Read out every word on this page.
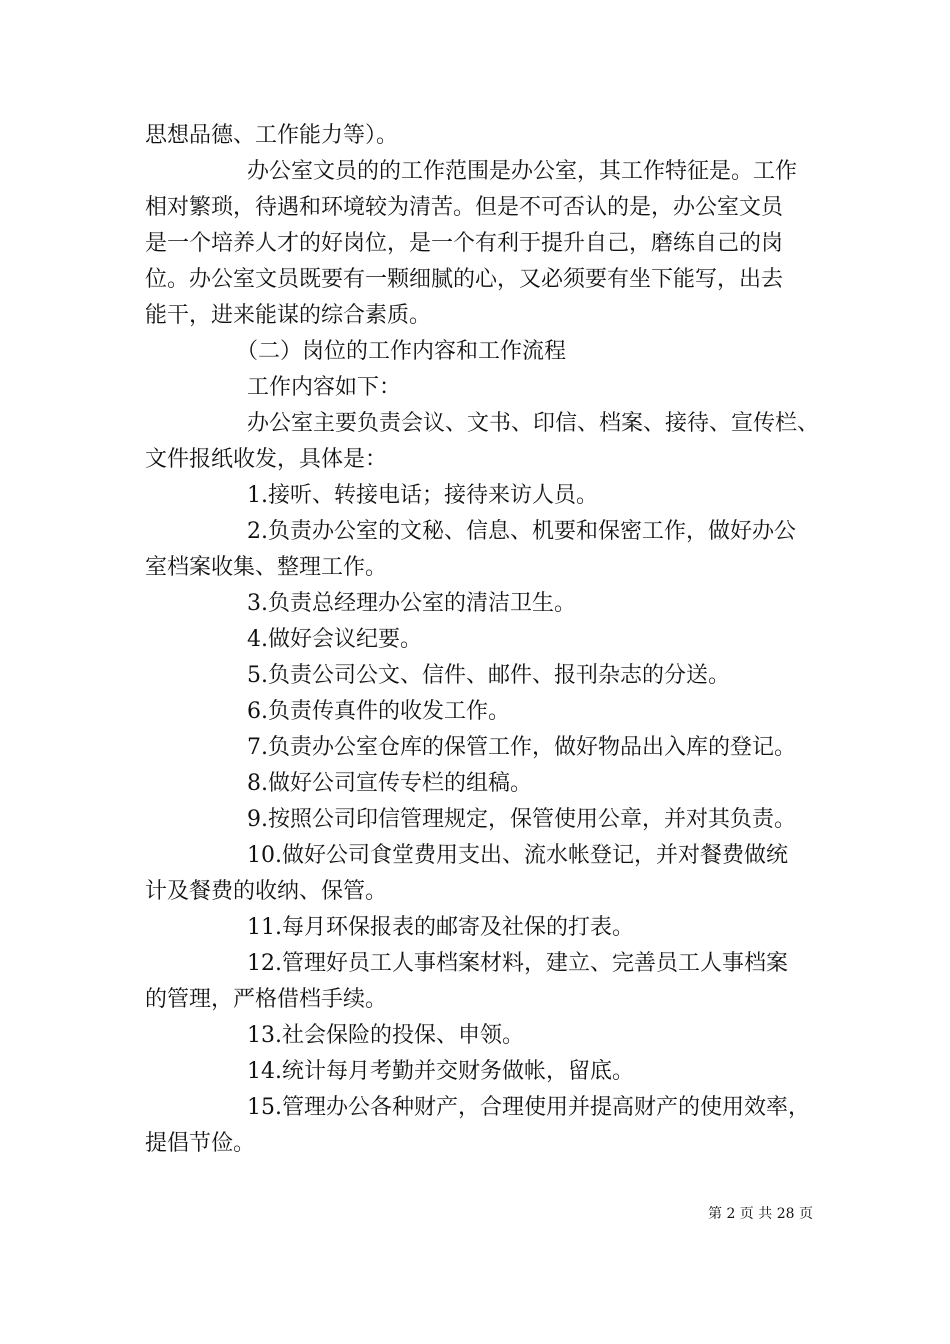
思想品德、工作能力等）。
办公室文员的的工作范围是办公室，其工作特征是。工作
相对繁琐，待遇和环境较为清苦。但是不可否认的是，办公室文员
是一个培养人才的好岗位，是一个有利于提升自己，磨练自己的岗
位。办公室文员既要有一颗细腻的心，又必须要有坐下能写，出去
能干，进来能谋的综合素质。
（二）岗位的工作内容和工作流程
工作内容如下：
办公室主要负责会议、文书、印信、档案、接待、宣传栏、
文件报纸收发，具体是：
1.接听、转接电话；接待来访人员。
2.负责办公室的文秘、信息、机要和保密工作，做好办公
室档案收集、整理工作。
3.负责总经理办公室的清洁卫生。
4.做好会议纪要。
5.负责公司公文、信件、邮件、报刊杂志的分送。
6.负责传真件的收发工作。
7.负责办公室仓库的保管工作，做好物品出入库的登记。
8.做好公司宣传专栏的组稿。
9.按照公司印信管理规定，保管使用公章，并对其负责。
10.做好公司食堂费用支出、流水帐登记，并对餐费做统
计及餐费的收纳、保管。
11.每月环保报表的邮寄及社保的打表。
12.管理好员工人事档案材料，建立、完善员工人事档案
的管理，严格借档手续。
13.社会保险的投保、申领。
14.统计每月考勤并交财务做帐，留底。
15.管理办公各种财产，合理使用并提高财产的使用效率，
提倡节俭。
第 2 页 共 28 页
